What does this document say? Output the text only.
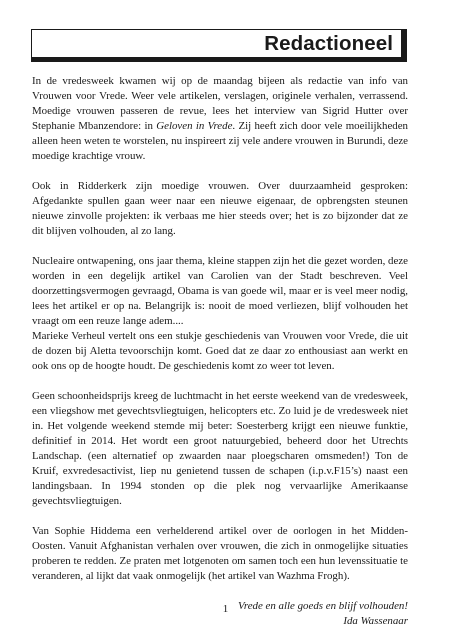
Redactioneel

In de vredesweek kwamen wij op de maandag bijeen als redactie van info van Vrouwen voor Vrede. Weer vele artikelen, verslagen, originele verhalen, verrassend. Moedige vrouwen passeren de revue, lees het interview van Sigrid Hutter over Stephanie Mbanzendore: in Geloven in Vrede. Zij heeft zich door vele moeilijkheden alleen heen weten te worstelen, nu inspireert zij vele andere vrouwen in Burundi, deze moedige krachtige vrouw.

Ook in Ridderkerk zijn moedige vrouwen. Over duurzaamheid gesproken: Afgedankte spullen gaan weer naar een nieuwe eigenaar, de opbrengsten steunen nieuwe zinvolle projekten: ik verbaas me hier steeds over; het is zo bijzonder dat ze dit blijven volhouden, al zo lang.

Nucleaire ontwapening, ons jaar thema, kleine stappen zijn het die gezet worden, deze worden in een degelijk artikel van Carolien van der Stadt beschreven. Veel doorzettingsvermogen gevraagd, Obama is van goede wil, maar er is veel meer nodig, lees het artikel er op na. Belangrijk is: nooit de moed verliezen, blijf volhouden het vraagt om een reuze lange adem....

Marieke Verheul vertelt ons een stukje geschiedenis van Vrouwen voor Vrede, die uit de dozen bij Aletta tevoorschijn komt. Goed dat ze daar zo enthousiast aan werkt en ook ons op de hoogte houdt. De geschiedenis komt zo weer tot leven.

Geen schoonheidsprijs kreeg de luchtmacht in het eerste weekend van de vredesweek, een vliegshow met gevechtsvliegtuigen, helicopters etc. Zo luid je de vredesweek niet in. Het volgende weekend stemde mij beter: Soesterberg krijgt een nieuwe funktie, definitief in 2014. Het wordt een groot natuurgebied, beheerd door het Utrechts Landschap. (een alternatief op zwaarden naar ploegscharen omsmeden!) Ton de Kruif, exvredesactivist, liep nu genietend tussen de schapen (i.p.v.F15’s) naast een landingsbaan. In 1994 stonden op die plek nog vervaarlijke Amerikaanse gevechtsvliegtuigen.

Van Sophie Hiddema een verhelderend artikel over de oorlogen in het Midden-Oosten. Vanuit Afghanistan verhalen over vrouwen, die zich in onmogelijke situaties proberen te redden. Ze praten met lotgenoten om samen toch een hun levenssituatie te veranderen, al lijkt dat vaak onmogelijk (het artikel van Wazhma Frogh).

Vrede en alle goeds en blijf volhouden!

Ida Wassenaar

1
